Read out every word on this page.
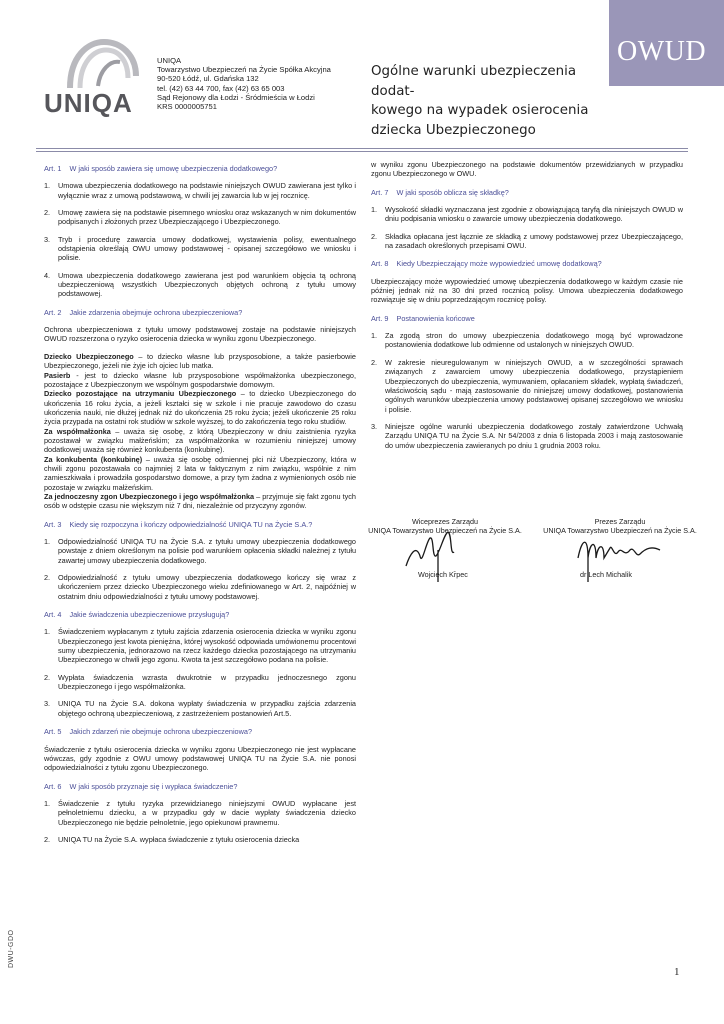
OWUD
UNIQA
UNIQA
Towarzystwo Ubezpieczeń na Życie Spółka Akcyjna
90-520 Łódź, ul. Gdańska 132
tel. (42) 63 44 700, fax (42) 63 65 003
Sąd Rejonowy dla Łodzi - Śródmieścia w Łodzi
KRS 0000005751
Ogólne warunki ubezpieczenia dodat-
kowego na wypadek osierocenia
dziecka Ubezpieczonego
Art. 1 W jaki sposób zawiera się umowę ubezpieczenia dodatkowego?
1. Umowa ubezpieczenia dodatkowego na podstawie niniejszych OWUD zawierana jest tylko i wyłącznie wraz z umową podstawową, w chwili jej zawarcia lub w jej rocznicę.
2. Umowę zawiera się na podstawie pisemnego wniosku oraz wskazanych w nim dokumentów podpisanych i złożonych przez Ubezpieczającego i Ubezpieczonego.
3. Tryb i procedurę zawarcia umowy dodatkowej, wystawienia polisy, ewentualnego odstąpienia określają OWU umowy podstawowej - opisanej szczegółowo we wniosku i polisie.
4. Umowa ubezpieczenia dodatkowego zawierana jest pod warunkiem objęcia tą ochroną ubezpieczeniową wszystkich Ubezpieczonych objętych ochroną z tytułu umowy podstawowej.
Art. 2 Jakie zdarzenia obejmuje ochrona ubezpieczeniowa?
Ochrona ubezpieczeniowa z tytułu umowy podstawowej zostaje na podstawie niniejszych OWUD rozszerzona o ryzyko osierocenia dziecka w wyniku zgonu Ubezpieczonego.
Dziecko Ubezpieczonego – to dziecko własne lub przysposobione, a także pasierbowie Ubezpieczonego, jeżeli nie żyje ich ojciec lub matka.
Pasierb - jest to dziecko własne lub przysposobione współmałżonka ubezpieczonego, pozostające z Ubezpieczonym we wspólnym gospodarstwie domowym.
Dziecko pozostające na utrzymaniu Ubezpieczonego – to dziecko Ubezpieczonego do ukończenia 16 roku życia, a jeżeli kształci się w szkole i nie pracuje zawodowo do czasu ukończenia nauki, nie dłużej jednak niż do ukończenia 25 roku życia; jeżeli ukończenie 25 roku życia przypada na ostatni rok studiów w szkole wyższej, to do zakończenia tego roku studiów.
Za współmałżonka – uważa się osobę, z którą Ubezpieczony w dniu zaistnienia ryzyka pozostawał w związku małżeńskim; za współmałżonka w rozumieniu niniejszej umowy dodatkowej uważa się również konkubenta (konkubinę).
Za konkubenta (konkubinę) – uważa się osobę odmiennej płci niż Ubezpieczony, która w chwili zgonu pozostawała co najmniej 2 lata w faktycznym z nim związku, wspólnie z nim zamieszkiwała i prowadziła gospodarstwo domowe, a przy tym żadna z wymienionych osób nie pozostaje w związku małżeńskim.
Za jednoczesny zgon Ubezpieczonego i jego współmałżonka – przyjmuje się fakt zgonu tych osób w odstępie czasu nie większym niż 7 dni, niezależnie od przyczyny zgonów.
Art. 3 Kiedy się rozpoczyna i kończy odpowiedzialność UNIQA TU na Życie S.A.?
1. Odpowiedzialność UNIQA TU na Życie S.A. z tytułu umowy ubezpieczenia dodatkowego powstaje z dniem określonym na polisie pod warunkiem opłacenia składki należnej z tytułu zawartej umowy ubezpieczenia dodatkowego.
2. Odpowiedzialność z tytułu umowy ubezpieczenia dodatkowego kończy się wraz z ukończeniem przez dziecko Ubezpieczonego wieku zdefiniowanego w Art. 2, najpóźniej w ostatnim dniu odpowiedzialności z tytułu umowy podstawowej.
Art. 4 Jakie świadczenia ubezpieczeniowe przysługują?
1. Świadczeniem wypłacanym z tytułu zajścia zdarzenia osierocenia dziecka w wyniku zgonu Ubezpieczonego jest kwota pieniężna, której wysokość odpowiada umówionemu procentowi sumy ubezpieczenia, jednorazowo na rzecz każdego dziecka pozostającego na utrzymaniu Ubezpieczonego w chwili jego zgonu. Kwota ta jest szczegółowo podana na polisie.
2. Wypłata świadczenia wzrasta dwukrotnie w przypadku jednoczesnego zgonu Ubezpieczonego i jego współmałżonka.
3. UNIQA TU na Życie S.A. dokona wypłaty świadczenia w przypadku zajścia zdarzenia objętego ochroną ubezpieczeniową, z zastrzeżeniem postanowień Art.5.
Art. 5 Jakich zdarzeń nie obejmuje ochrona ubezpieczeniowa?
Świadczenie z tytułu osierocenia dziecka w wyniku zgonu Ubezpieczonego nie jest wypłacane wówczas, gdy zgodnie z OWU umowy podstawowej UNIQA TU na Życie S.A. nie ponosi odpowiedzialności z tytułu zgonu Ubezpieczonego.
Art. 6 W jaki sposób przyznaje się i wypłaca świadczenie?
1. Świadczenie z tytułu ryzyka przewidzianego niniejszymi OWUD wypłacane jest pełnoletniemu dziecku, a w przypadku gdy w dacie wypłaty świadczenia dziecko Ubezpieczonego nie będzie pełnoletnie, jego opiekunowi prawnemu.
2. UNIQA TU na Życie S.A. wypłaca świadczenie z tytułu osierocenia dziecka
w wyniku zgonu Ubezpieczonego na podstawie dokumentów przewidzianych w przypadku zgonu Ubezpieczonego w OWU.
Art. 7 W jaki sposób oblicza się składkę?
1. Wysokość składki wyznaczana jest zgodnie z obowiązującą taryfą dla niniejszych OWUD w dniu podpisania wniosku o zawarcie umowy ubezpieczenia dodatkowego.
2. Składka opłacana jest łącznie ze składką z umowy podstawowej przez Ubezpieczającego, na zasadach określonych przepisami OWU.
Art. 8 Kiedy Ubezpieczający może wypowiedzieć umowę dodatkową?
Ubezpieczający może wypowiedzieć umowę ubezpieczenia dodatkowego w każdym czasie nie później jednak niż na 30 dni przed rocznicą polisy. Umowa ubezpieczenia dodatkowego rozwiązuje się w dniu poprzedzającym rocznicę polisy.
Art. 9 Postanowienia końcowe
1. Za zgodą stron do umowy ubezpieczenia dodatkowego mogą być wprowadzone postanowienia dodatkowe lub odmienne od ustalonych w niniejszych OWUD.
2. W zakresie nieuregulowanym w niniejszych OWUD, a w szczególności sprawach związanych z zawarciem umowy ubezpieczenia dodatkowego, przystąpieniem Ubezpieczonych do ubezpieczenia, wymuwaniem, opłacaniem składek, wypłatą świadczeń, właściwością sądu - mają zastosowanie do niniejszej umowy dodatkowej, postanowienia ogólnych warunków ubezpieczenia umowy podstawowej opisanej szczegółowo we wniosku i polisie.
3. Niniejsze ogólne warunki ubezpieczenia dodatkowego zostały zatwierdzone Uchwałą Zarządu UNIQA TU na Życie S.A. Nr 54/2003 z dnia 6 listopada 2003 i mają zastosowanie do umów ubezpieczenia zawieranych po dniu 1 grudnia 2003 roku.
Wiceprezes Zarządu
UNIQA Towarzystwo Ubezpieczeń na Życie S.A.
Prezes Zarządu
UNIQA Towarzystwo Ubezpieczeń na Życie S.A.
Wojciech Kr̄pec	dr Lech Michalik
DWU-GDO
1
